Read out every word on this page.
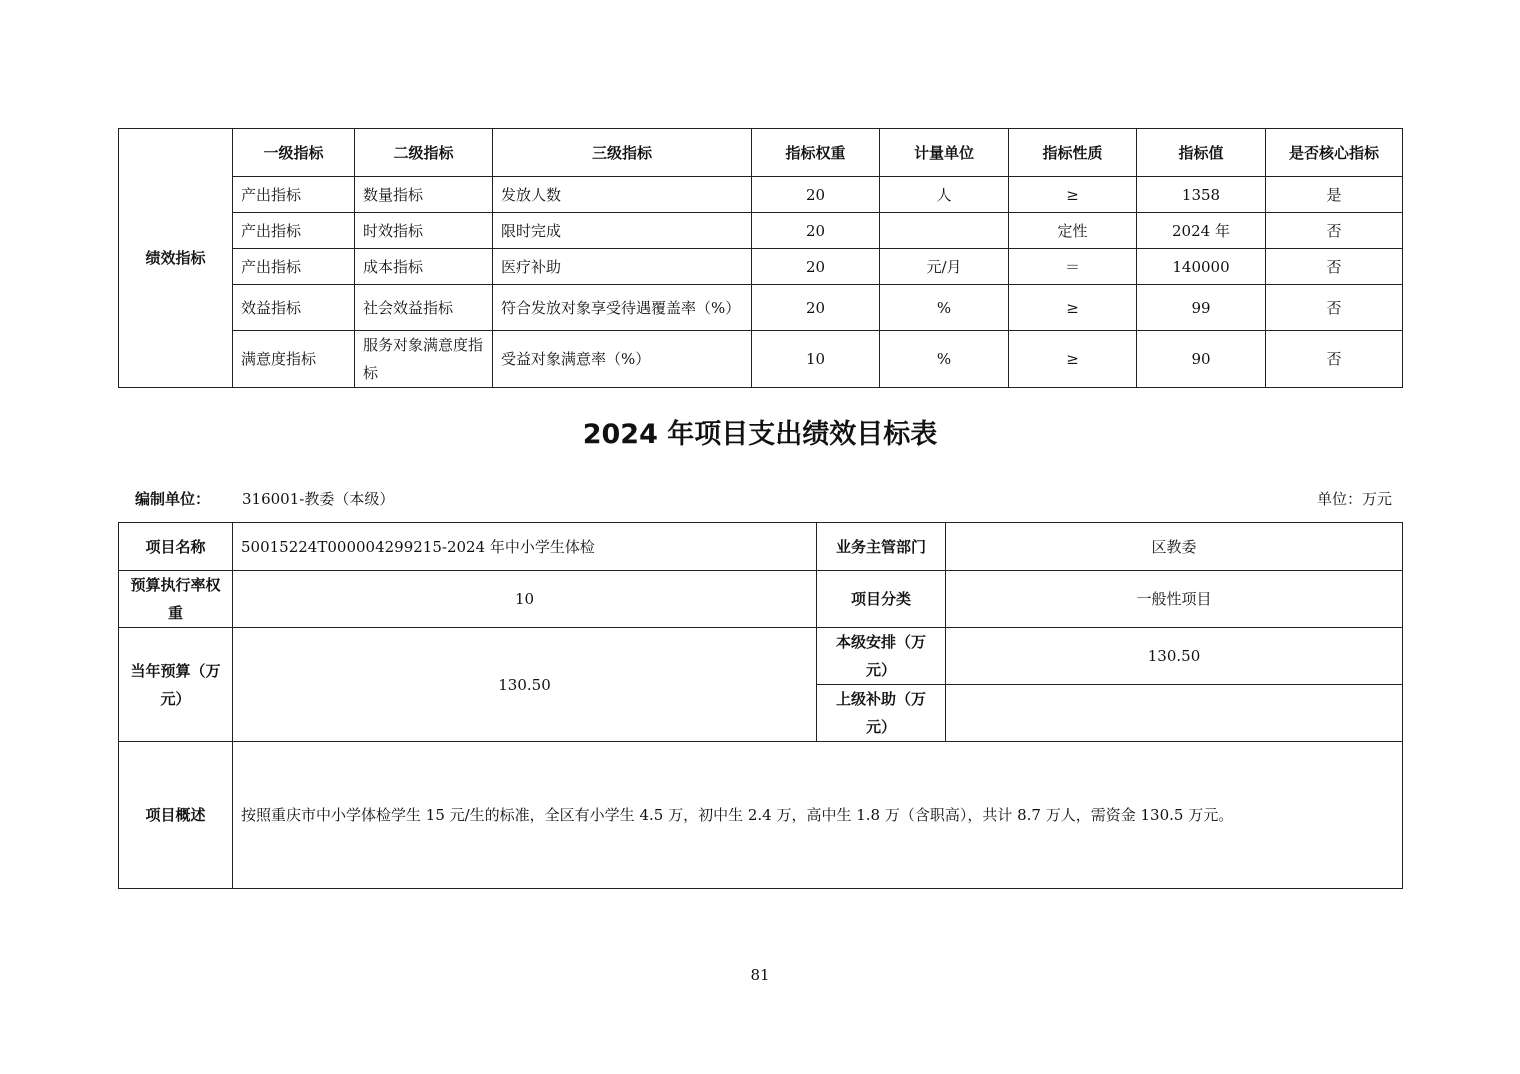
绩效指标	一级指标	二级指标	三级指标	指标权重	计量单位	指标性质	指标值	是否核心指标
	产出指标	数量指标	发放人数	20	人	≥	1358	是
	产出指标	时效指标	限时完成	20		定性	2024 年	否
	产出指标	成本指标	医疗补助	20	元/月	＝	140000	否
	效益指标	社会效益指标	符合发放对象享受待遇覆盖率（%）	20	%	≥	99	否
	满意度指标	服务对象满意度指标	受益对象满意率（%）	10	%	≥	90	否
2024 年项目支出绩效目标表
编制单位： 316001-教委（本级）	单位：万元
项目名称	50015224T000004299215-2024 年中小学生体检	业务主管部门	区教委
预算执行率权重	10	项目分类	一般性项目
当年预算（万元）	130.50	本级安排（万元）	130.50
		上级补助（万元）	
项目概述	按照重庆市中小学体检学生 15 元/生的标准，全区有小学生 4.5 万，初中生 2.4 万，高中生 1.8 万（含职高），共计 8.7 万人，需资金 130.5 万元。		
81
